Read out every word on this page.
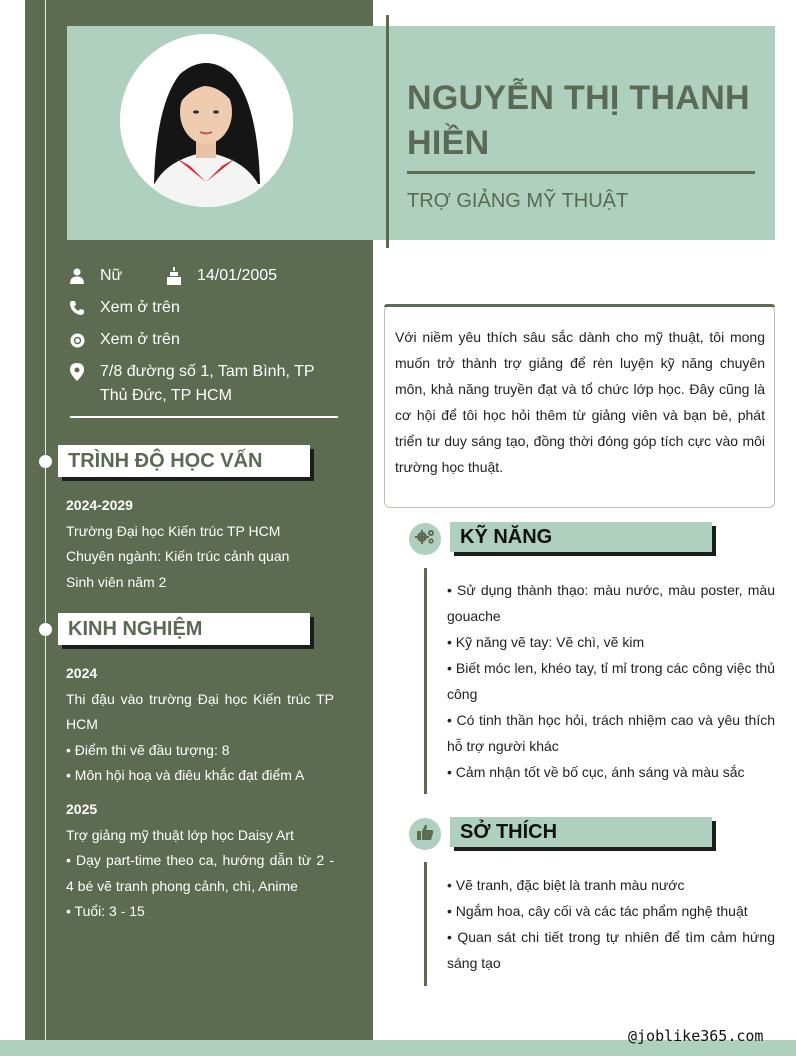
NGUYỄN THỊ THANH HIỀN
TRỢ GIẢNG MỸ THUẬT
Nữ	14/01/2005
Xem ở trên
Xem ở trên
7/8 đường số 1, Tam Bình, TP Thủ Đức, TP HCM
TRÌNH ĐỘ HỌC VẤN
2024-2029
Trường Đại học Kiến trúc TP HCM
Chuyên ngành: Kiến trúc cảnh quan
Sinh viên năm 2
KINH NGHIỆM
2024
Thi đậu vào trường Đại học Kiến trúc TP HCM
• Điểm thi vẽ đầu tượng: 8
• Môn hội hoạ và điêu khắc đạt điểm A
2025
Trợ giảng mỹ thuật lớp học Daisy Art
• Dạy part-time theo ca, hướng dẫn từ 2 - 4 bé vẽ tranh phong cảnh, chì, Anime
• Tuổi: 3 - 15
Với niềm yêu thích sâu sắc dành cho mỹ thuật, tôi mong muốn trở thành trợ giảng để rèn luyện kỹ năng chuyên môn, khả năng truyền đạt và tổ chức lớp học. Đây cũng là cơ hội để tôi học hỏi thêm từ giảng viên và bạn bè, phát triển tư duy sáng tạo, đồng thời đóng góp tích cực vào môi trường học thuật.
KỸ NĂNG
• Sử dụng thành thạo: màu nước, màu poster, màu gouache
• Kỹ năng vẽ tay: Vẽ chì, vẽ kim
• Biết móc len, khéo tay, tỉ mỉ trong các công việc thủ công
• Có tinh thần học hỏi, trách nhiệm cao và yêu thích hỗ trợ người khác
• Cảm nhận tốt về bố cục, ánh sáng và màu sắc
SỞ THÍCH
• Vẽ tranh, đặc biệt là tranh màu nước
• Ngắm hoa, cây cối và các tác phẩm nghệ thuật
• Quan sát chi tiết trong tự nhiên để tìm cảm hứng sáng tạo
@joblike365.com
